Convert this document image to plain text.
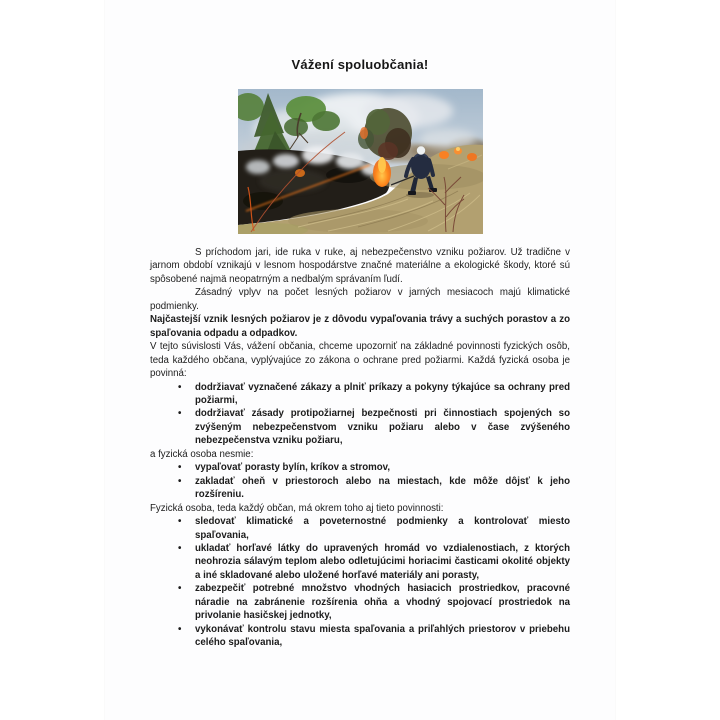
Vážení spoluobčania!

S príchodom jari, ide ruka v ruke, aj nebezpečenstvo vzniku požiarov. Už tradične v jarnom období vznikajú v lesnom hospodárstve značné materiálne a ekologické škody, ktoré sú spôsobené najmä neopatrným a nedbalým správaním ľudí.

Zásadný vplyv na počet lesných požiarov v jarných mesiacoch majú klimatické podmienky.

Najčastejší vznik lesných požiarov je z dôvodu vypaľovania trávy a suchých porastov a zo spaľovania odpadu a odpadkov.

V tejto súvislosti Vás, vážení občania, chceme upozorniť na základné povinnosti fyzických osôb, teda každého občana, vyplývajúce zo zákona o ochrane pred požiarmi. Každá fyzická osoba je povinná:

• dodržiavať vyznačené zákazy a plniť príkazy a pokyny týkajúce sa ochrany pred požiarmi,
• dodržiavať zásady protipožiarnej bezpečnosti pri činnostiach spojených so zvýšeným nebezpečenstvom vzniku požiaru alebo v čase zvýšeného nebezpečenstva vzniku požiaru,

a fyzická osoba nesmie:

• vypaľovať porasty bylín, kríkov a stromov,
• zakladať oheň v priestoroch alebo na miestach, kde môže dôjsť k jeho rozšíreniu.

Fyzická osoba, teda každý občan, má okrem toho aj tieto povinnosti:

• sledovať klimatické a poveternostné podmienky a kontrolovať miesto spaľovania,
• ukladať horľavé látky do upravených hromád vo vzdialenostiach, z ktorých neohrozia sálavým teplom alebo odletujúcimi horiacimi časticami okolité objekty a iné skladované alebo uložené horľavé materiály ani porasty,
• zabezpečiť potrebné množstvo vhodných hasiacich prostriedkov, pracovné náradie na zabránenie rozšírenia ohňa a vhodný spojovací prostriedok na privolanie hasičskej jednotky,
• vykonávať kontrolu stavu miesta spaľovania a priľahlých priestorov v priebehu celého spaľovania,
